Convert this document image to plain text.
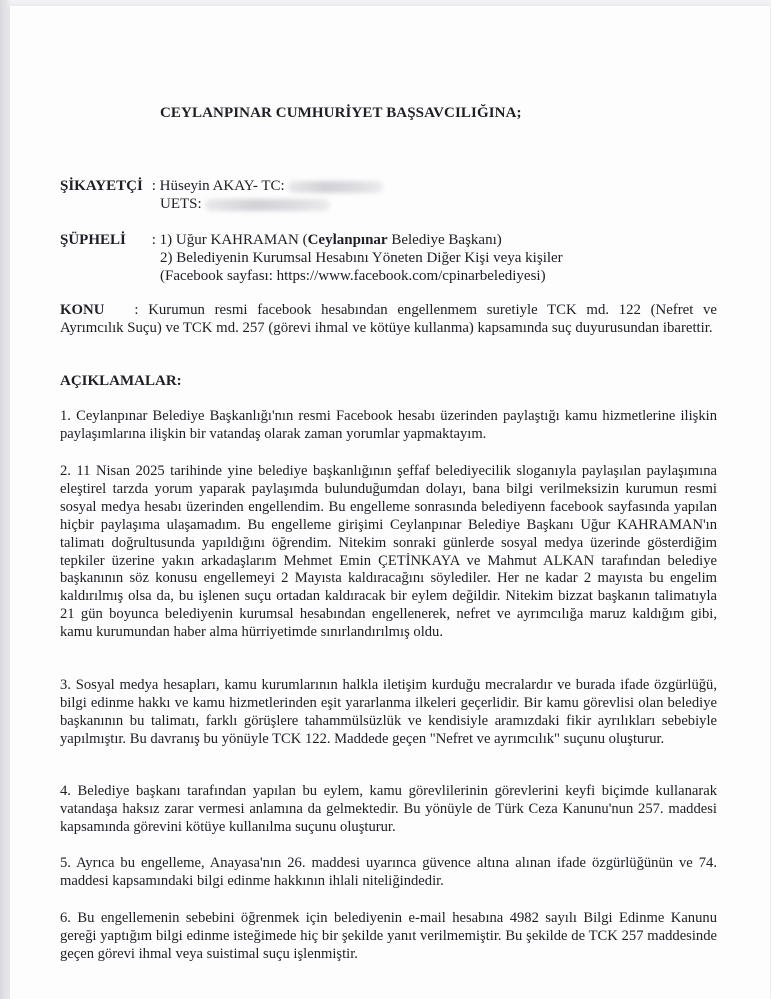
CEYLANPINAR CUMHURİYET BAŞSAVCILIĞINA;
ŞİKAYETÇİ : Hüseyin AKAY- TC:
UETS:
ŞÜPHELİ : 1) Uğur KAHRAMAN (Ceylanpınar Belediye Başkanı)
2) Belediyenin Kurumsal Hesabını Yöneten Diğer Kişi veya kişiler
(Facebook sayfası: https://www.facebook.com/cpinarbelediyesi)
KONU : Kurumun resmi facebook hesabından engellenmem suretiyle TCK md. 122 (Nefret ve Ayrımcılık Suçu) ve TCK md. 257 (görevi ihmal ve kötüye kullanma) kapsamında suç duyurusundan ibarettir.
AÇIKLAMALAR:
1. Ceylanpınar Belediye Başkanlığı'nın resmi Facebook hesabı üzerinden paylaştığı kamu hizmetlerine ilişkin paylaşımlarına ilişkin bir vatandaş olarak zaman yorumlar yapmaktayım.
2. 11 Nisan 2025 tarihinde yine belediye başkanlığının şeffaf belediyecilik sloganıyla paylaşılan paylaşımına eleştirel tarzda yorum yaparak paylaşımda bulunduğumdan dolayı, bana bilgi verilmeksizin kurumun resmi sosyal medya hesabı üzerinden engellendim. Bu engelleme sonrasında belediyenn facebook sayfasında yapılan hiçbir paylaşıma ulaşamadım. Bu engelleme girişimi Ceylanpınar Belediye Başkanı Uğur KAHRAMAN'ın talimatı doğrultusunda yapıldığını öğrendim. Nitekim sonraki günlerde sosyal medya üzerinde gösterdiğim tepkiler üzerine yakın arkadaşlarım Mehmet Emin ÇETİNKAYA ve Mahmut ALKAN tarafından belediye başkanının söz konusu engellemeyi 2 Mayısta kaldıracağını söylediler. Her ne kadar 2 mayısta bu engelim kaldırılmış olsa da, bu işlenen suçu ortadan kaldıracak bir eylem değildir. Nitekim bizzat başkanın talimatıyla 21 gün boyunca belediyenin kurumsal hesabından engellenerek, nefret ve ayrımcılığa maruz kaldığım gibi, kamu kurumundan haber alma hürriyetimde sınırlandırılmış oldu.
3. Sosyal medya hesapları, kamu kurumlarının halkla iletişim kurduğu mecralardır ve burada ifade özgürlüğü, bilgi edinme hakkı ve kamu hizmetlerinden eşit yararlanma ilkeleri geçerlidir. Bir kamu görevlisi olan belediye başkanının bu talimatı, farklı görüşlere tahammülsüzlük ve kendisiyle aramızdaki fikir ayrılıkları sebebiyle yapılmıştır. Bu davranış bu yönüyle TCK 122. Maddede geçen "Nefret ve ayrımcılık" suçunu oluşturur.
4. Belediye başkanı tarafından yapılan bu eylem, kamu görevlilerinin görevlerini keyfi biçimde kullanarak vatandaşa haksız zarar vermesi anlamına da gelmektedir. Bu yönüyle de Türk Ceza Kanunu'nun 257. maddesi kapsamında görevini kötüye kullanılma suçunu oluşturur.
5. Ayrıca bu engelleme, Anayasa'nın 26. maddesi uyarınca güvence altına alınan ifade özgürlüğünün ve 74. maddesi kapsamındaki bilgi edinme hakkının ihlali niteliğindedir.
6. Bu engellemenin sebebini öğrenmek için belediyenin e-mail hesabına 4982 sayılı Bilgi Edinme Kanunu gereği yaptığım bilgi edinme isteğimede hiç bir şekilde yanıt verilmemiştir. Bu şekilde de TCK 257 maddesinde geçen görevi ihmal veya suistimal suçu işlenmiştir.
